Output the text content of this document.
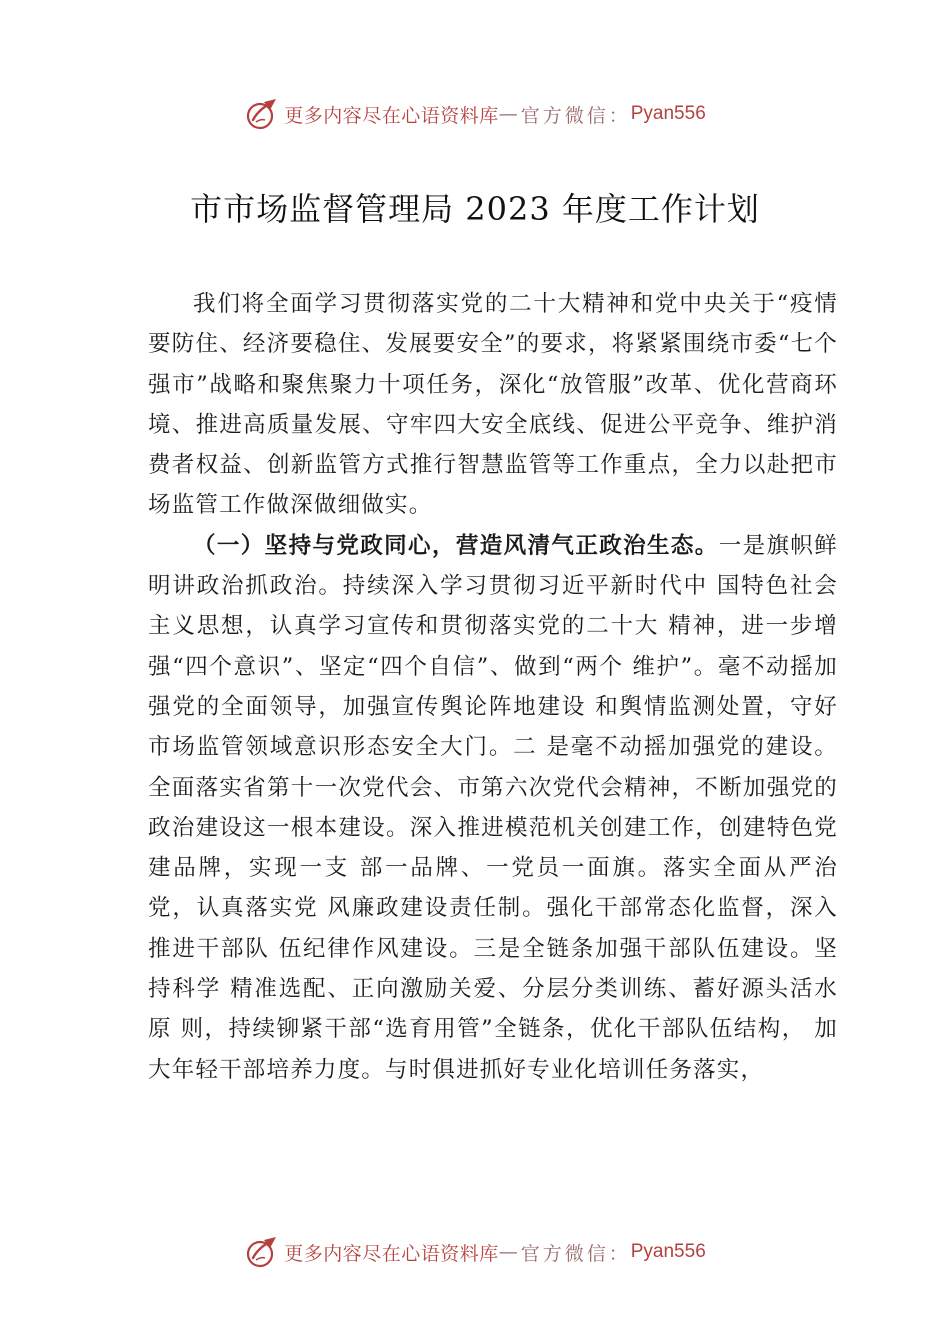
更多内容尽在心语资料库 — 官方微信： Pyan556
市市场监督管理局 2023 年度工作计划

我们将全面学习贯彻落实党的二十大精神和党中央关于“疫情要防住、经济要稳住、发展要安全”的要求，将紧紧围绕市委“七个强市”战略和聚焦聚力十项任务，深化“放管服”改革、优化营商环境、推进高质量发展、守牢四大安全底线、促进公平竞争、维护消费者权益、创新监管方式推行智慧监管等工作重点，全力以赴把市场监管工作做深做细做实。

（一）坚持与党政同心，营造风清气正政治生态。一是旗帜鲜明讲政治抓政治。持续深入学习贯彻习近平新时代中 国特色社会主义思想，认真学习宣传和贯彻落实党的二十大 精神，进一步增强“四个意识”、坚定“四个自信”、做到“两个 维护”。毫不动摇加强党的全面领导，加强宣传舆论阵地建设 和舆情监测处置，守好市场监管领域意识形态安全大门。二 是毫不动摇加强党的建设。全面落实省第十一次党代会、市第六次党代会精神，不断加强党的政治建设这一根本建设。深入推进模范机关创建工作，创建特色党建品牌，实现一支 部一品牌、一党员一面旗。落实全面从严治党，认真落实党 风廉政建设责任制。强化干部常态化监督，深入推进干部队 伍纪律作风建设。三是全链条加强干部队伍建设。坚持科学 精准选配、正向激励关爱、分层分类训练、蓄好源头活水原 则，持续铆紧干部“选育用管”全链条，优化干部队伍结构， 加大年轻干部培养力度。与时俱进抓好专业化培训任务落实，

更多内容尽在心语资料库 — 官方微信： Pyan556
